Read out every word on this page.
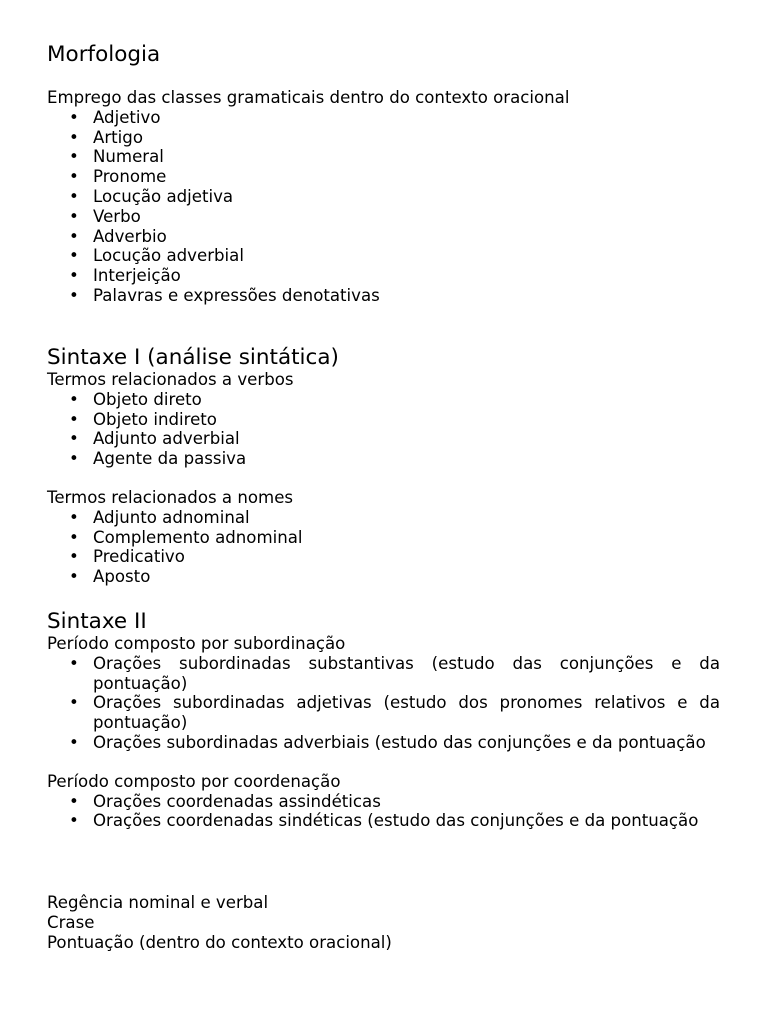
Morfologia

Emprego das classes gramaticais dentro do contexto oracional

• Adjetivo
• Artigo
• Numeral
• Pronome
• Locução adjetiva
• Verbo
• Adverbio
• Locução adverbial
• Interjeição
• Palavras e expressões denotativas
Sintaxe I (análise sintática)

Termos relacionados a verbos

• Objeto direto
• Objeto indireto
• Adjunto adverbial
• Agente da passiva

Termos relacionados a nomes

• Adjunto adnominal
• Complemento adnominal
• Predicativo
• Aposto
Sintaxe II

Período composto por subordinação

• Orações subordinadas substantivas (estudo das conjunções e da pontuação)
• Orações subordinadas adjetivas (estudo dos pronomes relativos e da pontuação)
• Orações subordinadas adverbiais (estudo das conjunções e da pontuação

Período composto por coordenação

• Orações coordenadas assindéticas
• Orações coordenadas sindéticas (estudo das conjunções e da pontuação

Regência nominal e verbal

Crase

Pontuação (dentro do contexto oracional)
